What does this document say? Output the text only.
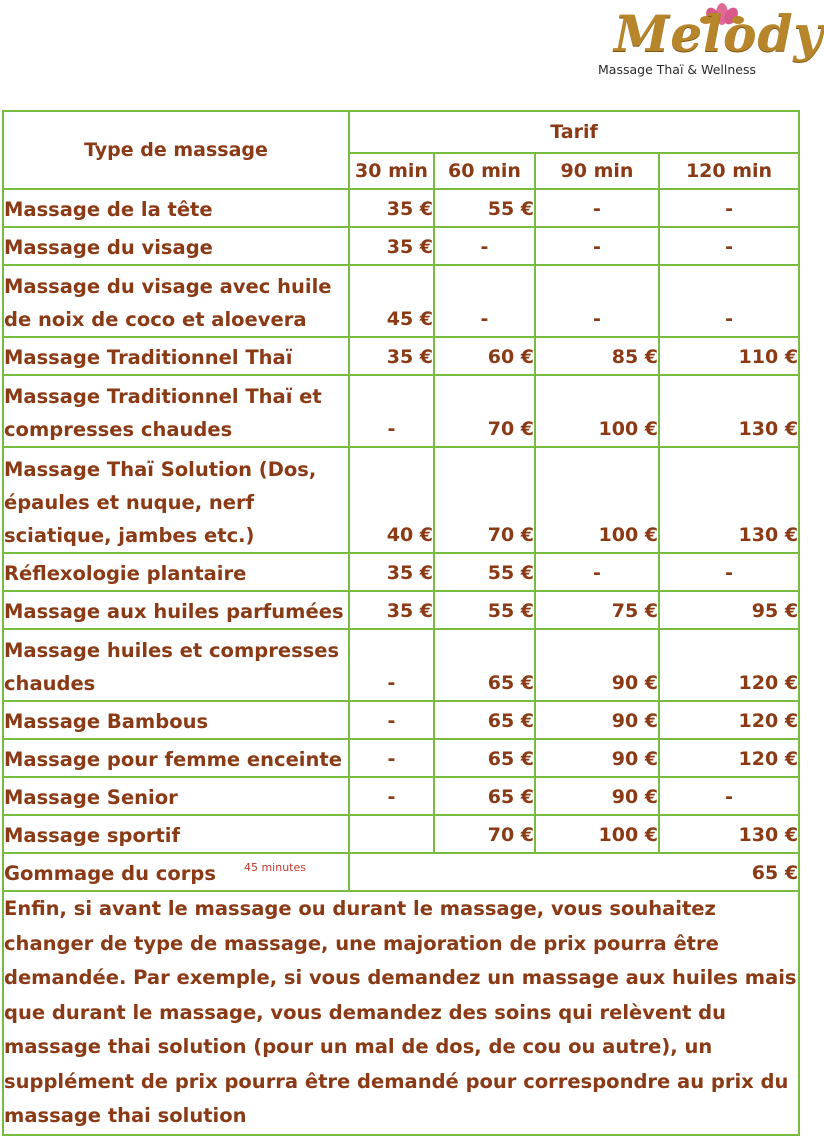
Melody
Massage Thaï & Wellness
Type de massage	Tarif			
	30 min	60 min	90 min	120 min

Massage de la tête	35 €	55 €	-	-

Massage du visage	35 €	-	-	-

Massage du visage avec huile
de noix de coco et aloevera	45 €	-	-	-

Massage Traditionnel Thaï	35 €	60 €	85 €	110 €

Massage Traditionnel Thaï et
compresses chaudes	-	70 €	100 €	130 €

Massage Thaï Solution (Dos,
épaules et nuque, nerf
sciatique, jambes etc.)	40 €	70 €	100 €	130 €

Réflexologie plantaire	35 €	55 €	-	-

Massage aux huiles parfumées	35 €	55 €	75 €	95 €

Massage huiles et compresses
chaudes	-	65 €	90 €	120 €

Massage Bambous	-	65 €	90 €	120 €

Massage pour femme enceinte	-	65 €	90 €	120 €

Massage Senior	-	65 €	90 €	-

Massage sportif		70 €	100 €	130 €
Gommage du corps $^{45 minutes}$	65 €			
Enfin, si avant le massage ou durant le massage, vous souhaitez changer de type de massage, une majoration de prix pourra être demandée. Par exemple, si vous demandez un massage aux huiles mais que durant le massage, vous demandez des soins qui relèvent du massage thai solution (pour un mal de dos, de cou ou autre), un supplément de prix pourra être demandé pour correspondre au prix du massage thai solution				
